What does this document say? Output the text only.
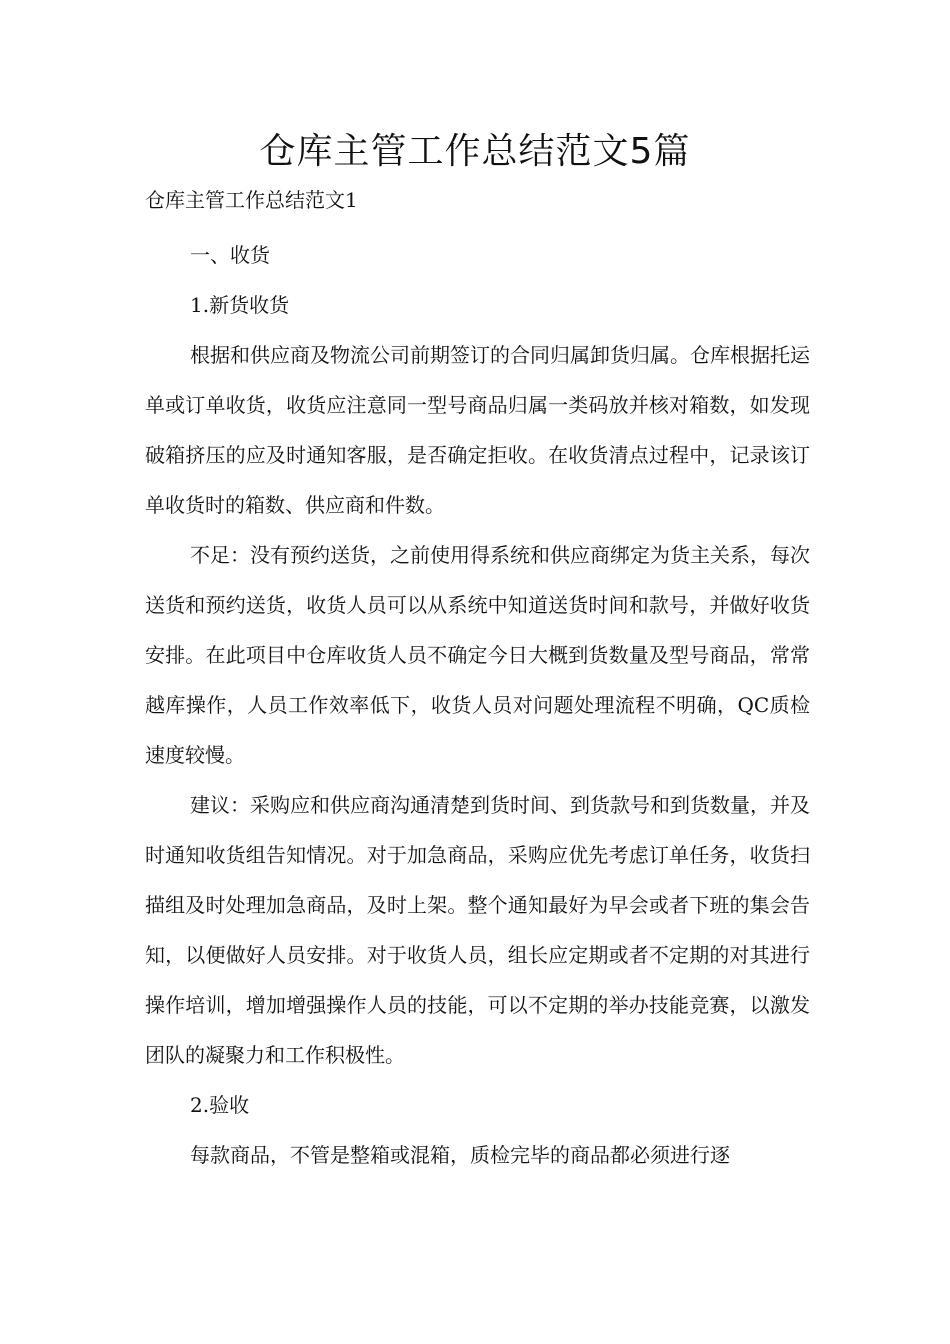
仓库主管工作总结范文5篇
仓库主管工作总结范文1

一、收货

1.新货收货

根据和供应商及物流公司前期签订的合同归属卸货归属。仓库根据托运单或订单收货，收货应注意同一型号商品归属一类码放并核对箱数，如发现破箱挤压的应及时通知客服，是否确定拒收。在收货清点过程中，记录该订单收货时的箱数、供应商和件数。

不足：没有预约送货，之前使用得系统和供应商绑定为货主关系，每次送货和预约送货，收货人员可以从系统中知道送货时间和款号，并做好收货安排。在此项目中仓库收货人员不确定今日大概到货数量及型号商品，常常越库操作，人员工作效率低下，收货人员对问题处理流程不明确，QC质检速度较慢。

建议：采购应和供应商沟通清楚到货时间、到货款号和到货数量，并及时通知收货组告知情况。对于加急商品，采购应优先考虑订单任务，收货扫描组及时处理加急商品，及时上架。整个通知最好为早会或者下班的集会告知，以便做好人员安排。对于收货人员，组长应定期或者不定期的对其进行操作培训，增加增强操作人员的技能，可以不定期的举办技能竞赛，以激发团队的凝聚力和工作积极性。

2.验收

每款商品，不管是整箱或混箱，质检完毕的商品都必须进行逐
